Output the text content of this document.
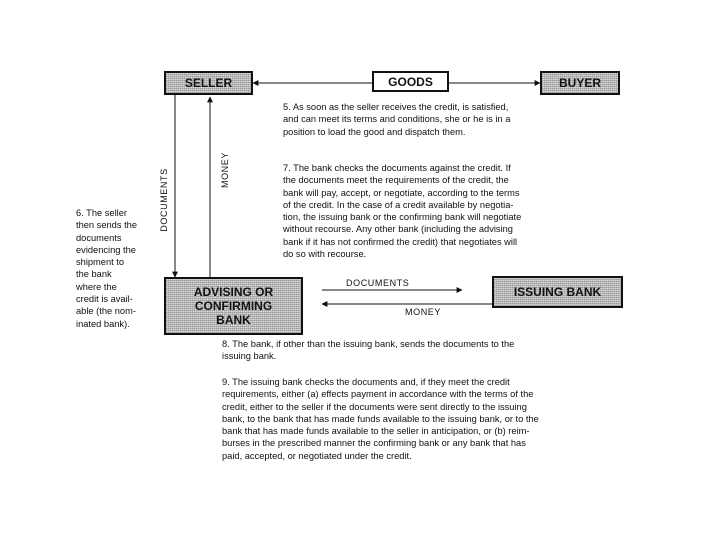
SELLER	GOODS	BUYER
ADVISING OR
CONFIRMING
BANK
ISSUING BANK
DOCUMENTS	MONEY
DOCUMENTS
MONEY
5. As soon as the seller receives the credit, is satisfied,
and can meet its terms and conditions, she or he is in a
position to load the good and dispatch them.
6. The seller
then sends the
documents
evidencing the
shipment to
the bank
where the
credit is avail-
able (the nom-
inated bank).
7. The bank checks the documents against the credit. If
the documents meet the requirements of the credit, the
bank will pay, accept, or negotiate, according to the terms
of the credit. In the case of a credit available by negotia-
tion, the issuing bank or the confirming bank will negotiate
without recourse. Any other bank (including the advising
bank if it has not confirmed the credit) that negotiates will
do so with recourse.
8. The bank, if other than the issuing bank, sends the documents to the
issuing bank.
9. The issuing bank checks the documents and, if they meet the credit
requirements, either (a) effects payment in accordance with the terms of the
credit, either to the seller if the documents were sent directly to the issuing
bank, to the bank that has made funds available to the issuing bank, or to the
bank that has made funds available to the seller in anticipation, or (b) reim-
burses in the prescribed manner the confirming bank or any bank that has
paid, accepted, or negotiated under the credit.
